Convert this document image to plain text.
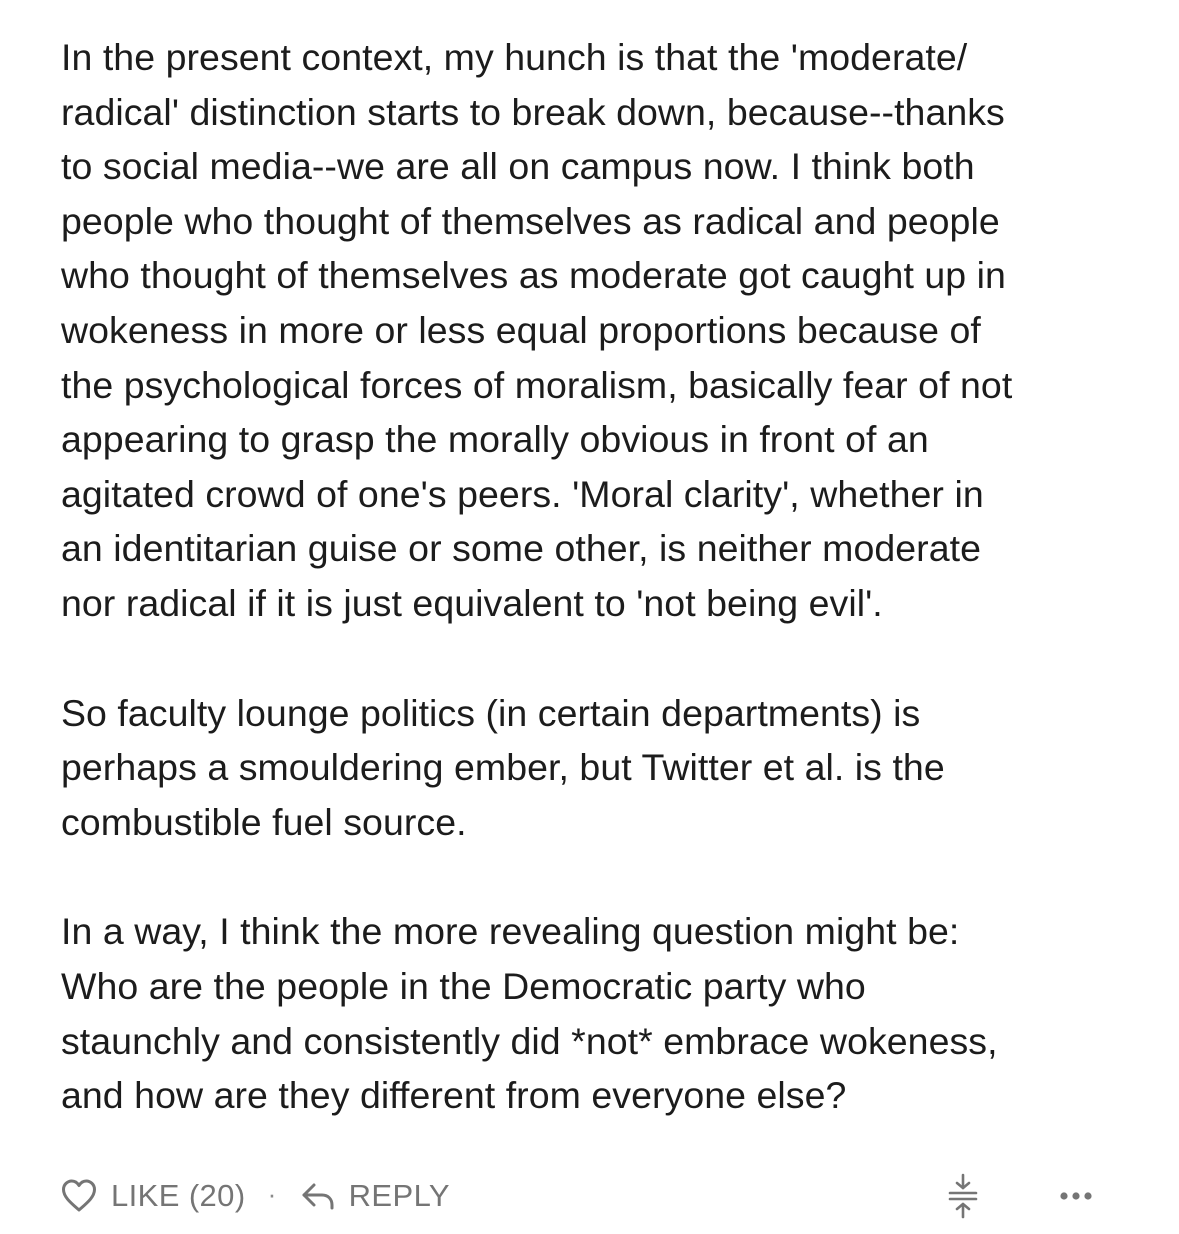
In the present context, my hunch is that the 'moderate/
radical' distinction starts to break down, because--thanks
to social media--we are all on campus now. I think both
people who thought of themselves as radical and people
who thought of themselves as moderate got caught up in
wokeness in more or less equal proportions because of
the psychological forces of moralism, basically fear of not
appearing to grasp the morally obvious in front of an
agitated crowd of one's peers. 'Moral clarity', whether in
an identitarian guise or some other, is neither moderate
nor radical if it is just equivalent to 'not being evil'.

So faculty lounge politics (in certain departments) is
perhaps a smouldering ember, but Twitter et al. is the
combustible fuel source.

In a way, I think the more revealing question might be:
Who are the people in the Democratic party who
staunchly and consistently did *not* embrace wokeness,
and how are they different from everyone else?

LIKE (20) · REPLY
